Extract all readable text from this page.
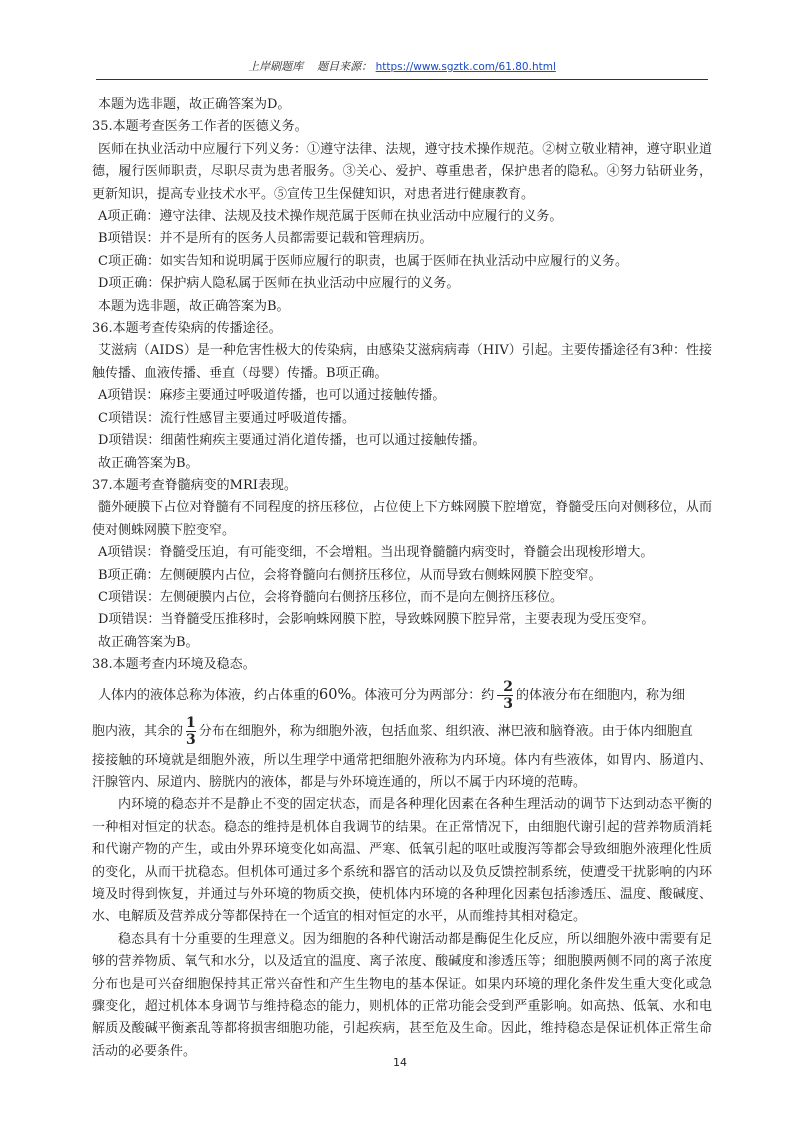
上岸刷题库 题目来源： https://www.sgztk.com/61.80.html

本题为选非题，故正确答案为D。

35.本题考查医务工作者的医德义务。

医师在执业活动中应履行下列义务：①遵守法律、法规，遵守技术操作规范。②树立敬业精神，遵守职业道德，履行医师职责，尽职尽责为患者服务。③关心、爱护、尊重患者，保护患者的隐私。④努力钻研业务，更新知识，提高专业技术水平。⑤宣传卫生保健知识，对患者进行健康教育。

A项正确：遵守法律、法规及技术操作规范属于医师在执业活动中应履行的义务。

B项错误：并不是所有的医务人员都需要记载和管理病历。

C项正确：如实告知和说明属于医师应履行的职责，也属于医师在执业活动中应履行的义务。

D项正确：保护病人隐私属于医师在执业活动中应履行的义务。

本题为选非题，故正确答案为B。

36.本题考查传染病的传播途径。

艾滋病（AIDS）是一种危害性极大的传染病，由感染艾滋病病毒（HIV）引起。主要传播途径有3种：性接触传播、血液传播、垂直（母婴）传播。B项正确。

A项错误：麻疹主要通过呼吸道传播，也可以通过接触传播。

C项错误：流行性感冒主要通过呼吸道传播。

D项错误：细菌性痢疾主要通过消化道传播，也可以通过接触传播。

故正确答案为B。

37.本题考查脊髓病变的MRI表现。

髓外硬膜下占位对脊髓有不同程度的挤压移位，占位使上下方蛛网膜下腔增宽，脊髓受压向对侧移位，从而使对侧蛛网膜下腔变窄。

A项错误：脊髓受压迫，有可能变细，不会增粗。当出现脊髓髓内病变时，脊髓会出现梭形增大。

B项正确：左侧硬膜内占位，会将脊髓向右侧挤压移位，从而导致右侧蛛网膜下腔变窄。

C项错误：左侧硬膜内占位，会将脊髓向右侧挤压移位，而不是向左侧挤压移位。

D项错误：当脊髓受压推移时，会影响蛛网膜下腔，导致蛛网膜下腔异常，主要表现为受压变窄。

故正确答案为B。

38.本题考查内环境及稳态。

人体内的液体总称为体液，约占体重的60%。体液可分为两部分：约 $\frac{2}{3}$ 的体液分布在细胞内，称为细

胞内液，其余的 $\frac{1}{3}$ 分布在细胞外，称为细胞外液，包括血浆、组织液、淋巴液和脑脊液。由于体内细胞直

接接触的环境就是细胞外液，所以生理学中通常把细胞外液称为内环境。体内有些液体，如胃内、肠道内、汗腺管内、尿道内、膀胱内的液体，都是与外环境连通的，所以不属于内环境的范畴。

内环境的稳态并不是静止不变的固定状态，而是各种理化因素在各种生理活动的调节下达到动态平衡的一种相对恒定的状态。稳态的维持是机体自我调节的结果。在正常情况下，由细胞代谢引起的营养物质消耗和代谢产物的产生，或由外界环境变化如高温、严寒、低氧引起的呕吐或腹泻等都会导致细胞外液理化性质的变化，从而干扰稳态。但机体可通过多个系统和器官的活动以及负反馈控制系统，使遭受干扰影响的内环境及时得到恢复，并通过与外环境的物质交换，使机体内环境的各种理化因素包括渗透压、温度、酸碱度、水、电解质及营养成分等都保持在一个适宜的相对恒定的水平，从而维持其相对稳定。

稳态具有十分重要的生理意义。因为细胞的各种代谢活动都是酶促生化反应，所以细胞外液中需要有足够的营养物质、氧气和水分，以及适宜的温度、离子浓度、酸碱度和渗透压等；细胞膜两侧不同的离子浓度分布也是可兴奋细胞保持其正常兴奋性和产生生物电的基本保证。如果内环境的理化条件发生重大变化或急骤变化，超过机体本身调节与维持稳态的能力，则机体的正常功能会受到严重影响。如高热、低氧、水和电解质及酸碱平衡紊乱等都将损害细胞功能，引起疾病，甚至危及生命。因此，维持稳态是保证机体正常生命活动的必要条件。

14
